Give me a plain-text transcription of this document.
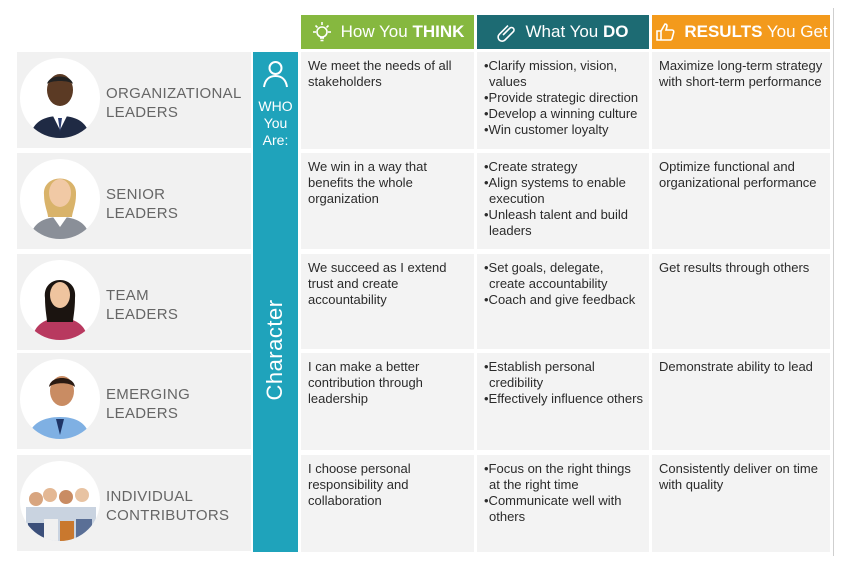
How You THINK	What You DO	RESULTS You Get
WHO
You
Are:
Character
ORGANIZATIONAL
LEADERS
We meet the needs of all stakeholders
•Clarify mission, vision, values
•Provide strategic direction
•Develop a winning culture
•Win customer loyalty
Maximize long-term strategy with short-term performance
SENIOR
LEADERS
We win in a way that benefits the whole organization
•Create strategy
•Align systems to enable execution
•Unleash talent and build leaders
Optimize functional and organizational performance
TEAM
LEADERS
We succeed as I extend trust and create accountability
•Set goals, delegate, create accountability
•Coach and give feedback
Get results through others
EMERGING
LEADERS
I can make a better contribution through leadership
•Establish personal credibility
•Effectively influence others
Demonstrate ability to lead
INDIVIDUAL
CONTRIBUTORS
I choose personal responsibility and collaboration
•Focus on the right things at the right time
•Communicate well with others
Consistently deliver on time with quality
